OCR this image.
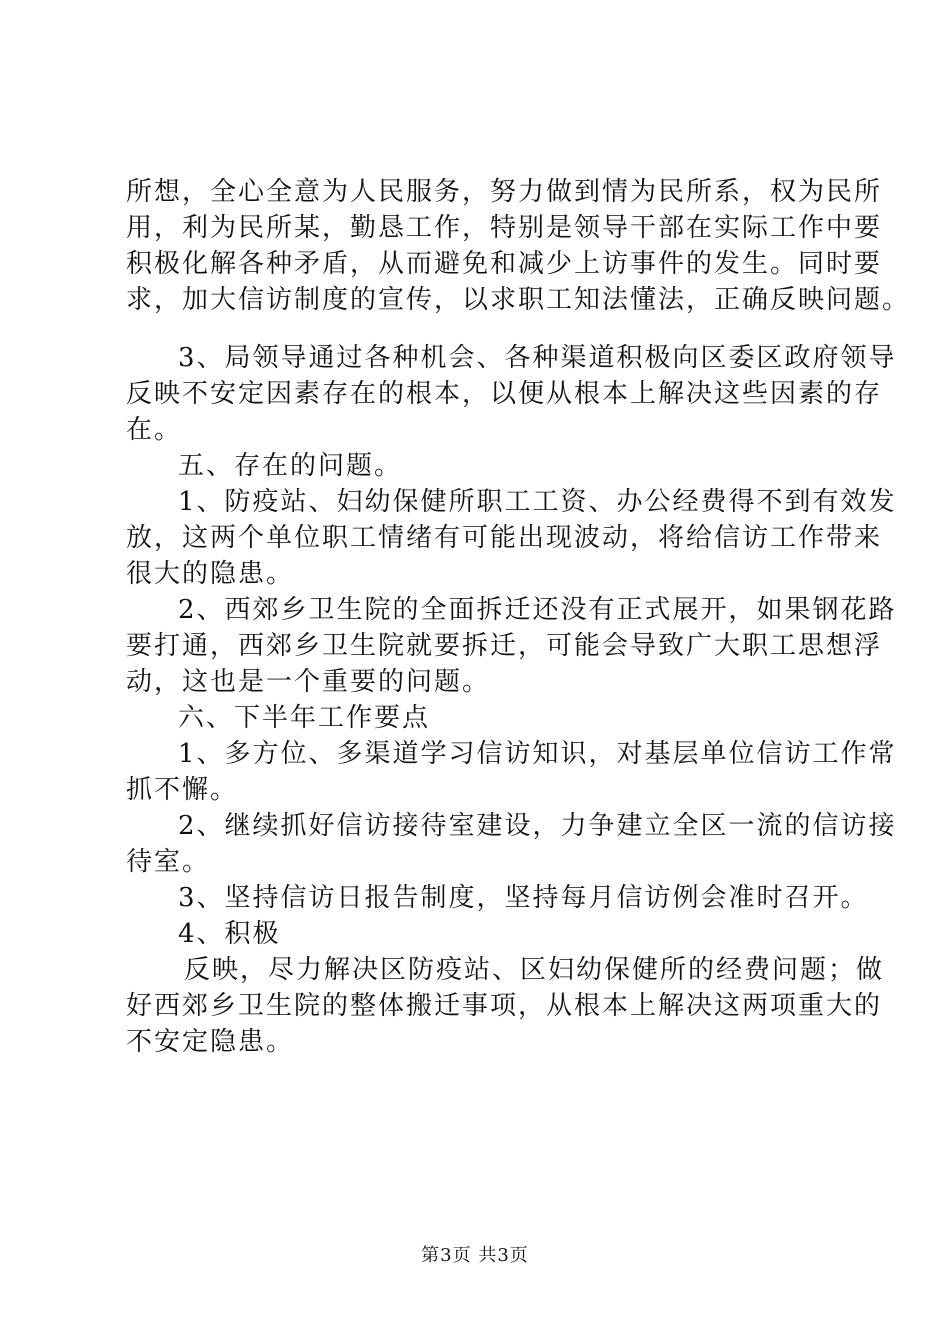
所想，全心全意为人民服务，努力做到情为民所系，权为民所
用，利为民所某，勤恳工作，特别是领导干部在实际工作中要
积极化解各种矛盾，从而避免和减少上访事件的发生。同时要
求，加大信访制度的宣传，以求职工知法懂法，正确反映问题。
3、局领导通过各种机会、各种渠道积极向区委区政府领导
反映不安定因素存在的根本，以便从根本上解决这些因素的存
在。
五、存在的问题。
1、防疫站、妇幼保健所职工工资、办公经费得不到有效发
放，这两个单位职工情绪有可能出现波动，将给信访工作带来
很大的隐患。
2、西郊乡卫生院的全面拆迁还没有正式展开，如果钢花路
要打通，西郊乡卫生院就要拆迁，可能会导致广大职工思想浮
动，这也是一个重要的问题。
六、下半年工作要点
1、多方位、多渠道学习信访知识，对基层单位信访工作常
抓不懈。
2、继续抓好信访接待室建设，力争建立全区一流的信访接
待室。
3、坚持信访日报告制度，坚持每月信访例会准时召开。
4、积极
反映，尽力解决区防疫站、区妇幼保健所的经费问题；做
好西郊乡卫生院的整体搬迁事项，从根本上解决这两项重大的
不安定隐患。
第3页 共3页
